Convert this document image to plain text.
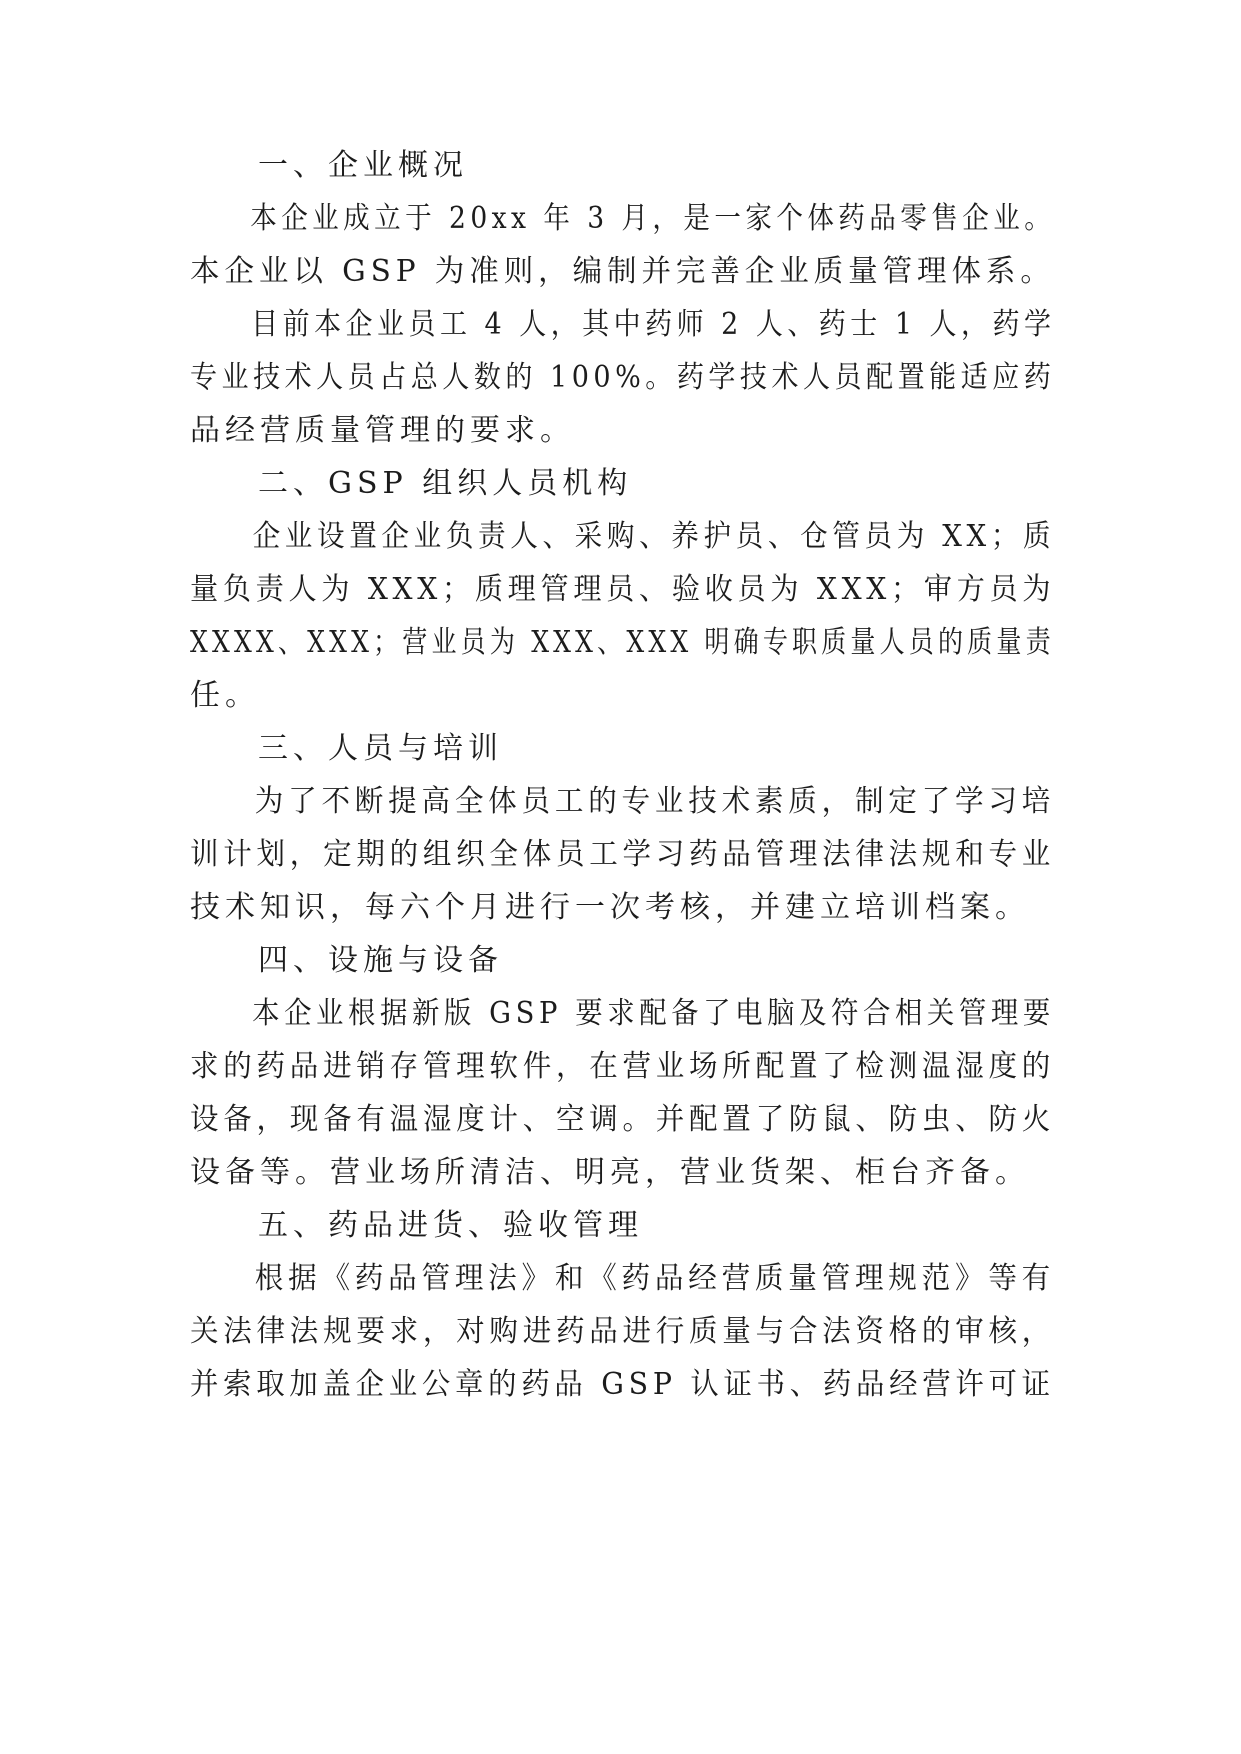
一、企业概况
本企业成立于 20xx 年 3 月，是一家个体药品零售企业。
本企业以 GSP 为准则，编制并完善企业质量管理体系。
目前本企业员工 4 人，其中药师 2 人、药士 1 人，药学
专业技术人员占总人数的 100%。药学技术人员配置能适应药
品经营质量管理的要求。
二、GSP 组织人员机构
企业设置企业负责人、采购、养护员、仓管员为 XX；质
量负责人为 XXX；质理管理员、验收员为 XXX；审方员为
XXXX、XXX；营业员为 XXX、XXX 明确专职质量人员的质量责
任。
三、人员与培训
为了不断提高全体员工的专业技术素质，制定了学习培
训计划，定期的组织全体员工学习药品管理法律法规和专业
技术知识，每六个月进行一次考核，并建立培训档案。
四、设施与设备
本企业根据新版 GSP 要求配备了电脑及符合相关管理要
求的药品进销存管理软件，在营业场所配置了检测温湿度的
设备，现备有温湿度计、空调。并配置了防鼠、防虫、防火
设备等。营业场所清洁、明亮，营业货架、柜台齐备。
五、药品进货、验收管理
根据《药品管理法》和《药品经营质量管理规范》等有
关法律法规要求，对购进药品进行质量与合法资格的审核，
并索取加盖企业公章的药品 GSP 认证书、药品经营许可证
